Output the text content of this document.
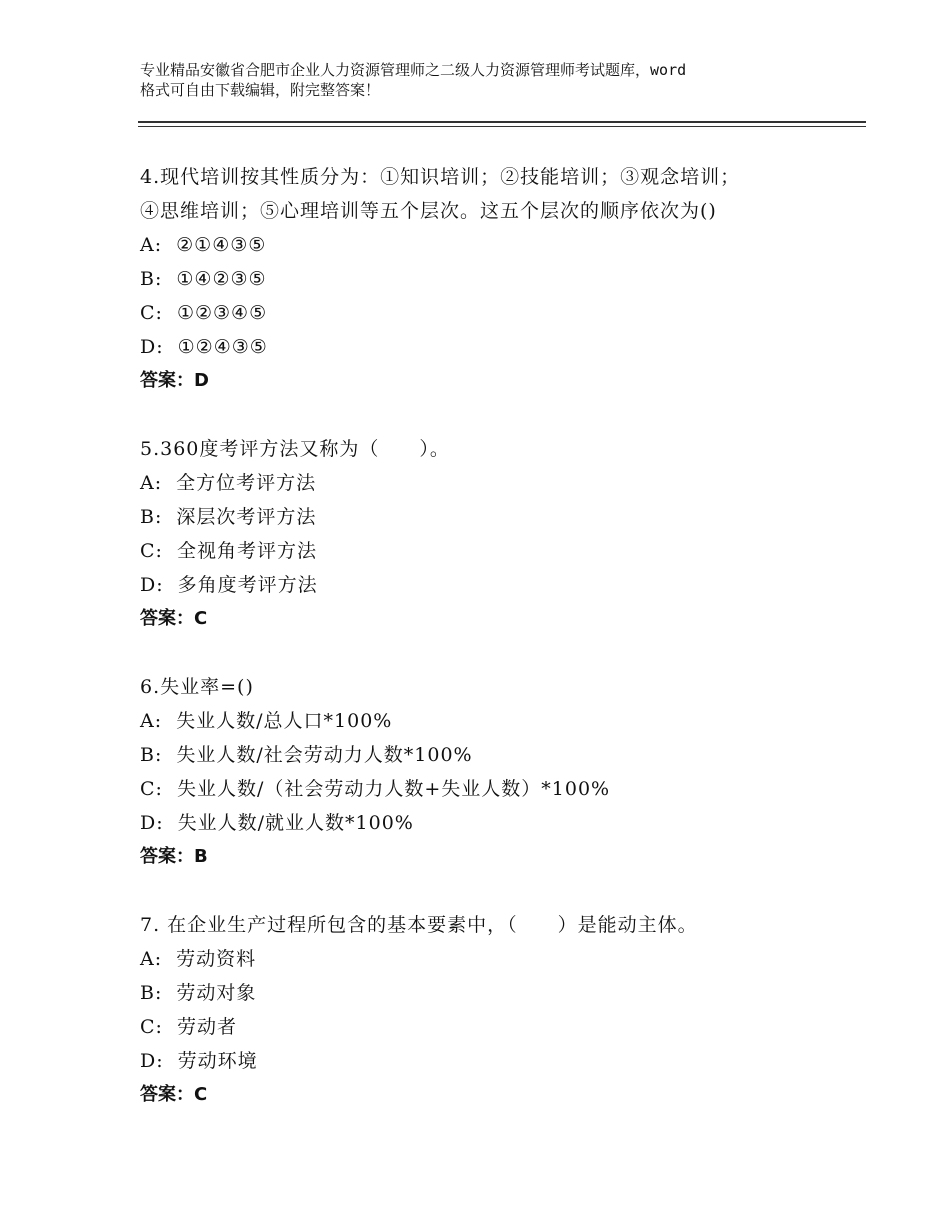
专业精品安徽省合肥市企业人力资源管理师之二级人力资源管理师考试题库，word
格式可自由下载编辑，附完整答案！
4.现代培训按其性质分为：①知识培训；②技能培训；③观念培训；
④思维培训；⑤心理培训等五个层次。这五个层次的顺序依次为()
A: ②①④③⑤
B: ①④②③⑤
C: ①②③④⑤
D: ①②④③⑤
答案：D
5.360度考评方法又称为（　　）。
A: 全方位考评方法
B: 深层次考评方法
C: 全视角考评方法
D: 多角度考评方法
答案：C
6.失业率=()
A: 失业人数/总人口*100%
B: 失业人数/社会劳动力人数*100%
C: 失业人数/（社会劳动力人数+失业人数）*100%
D: 失业人数/就业人数*100%
答案：B
7. 在企业生产过程所包含的基本要素中，（　　）是能动主体。
A: 劳动资料
B: 劳动对象
C: 劳动者
D: 劳动环境
答案：C
